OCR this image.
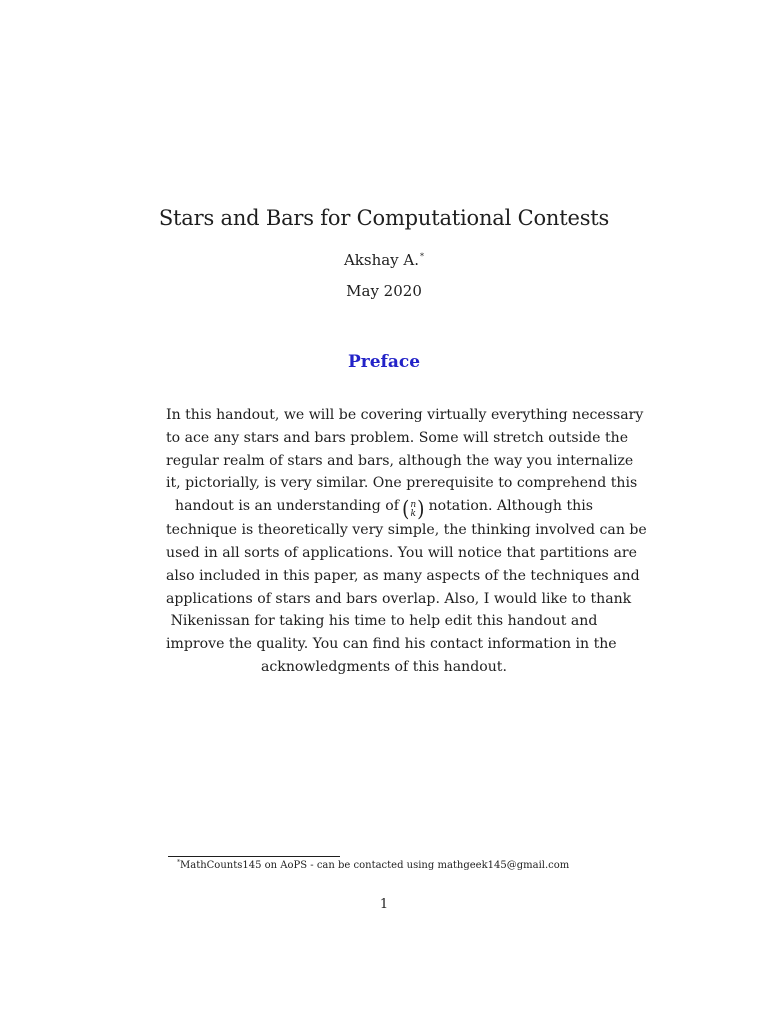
Stars and Bars for Computational Contests
Akshay A.*
May 2020
Preface
In this handout, we will be covering virtually everything necessary
to ace any stars and bars problem. Some will stretch outside the
regular realm of stars and bars, although the way you internalize
it, pictorially, is very similar. One prerequisite to comprehend this
handout is an understanding of ( n
k ) notation. Although this
technique is theoretically very simple, the thinking involved can be
used in all sorts of applications. You will notice that partitions are
also included in this paper, as many aspects of the techniques and
applications of stars and bars overlap. Also, I would like to thank
Nikenissan for taking his time to help edit this handout and
improve the quality. You can find his contact information in the
acknowledgments of this handout.
*MathCounts145 on AoPS - can be contacted using mathgeek145@gmail.com
1
